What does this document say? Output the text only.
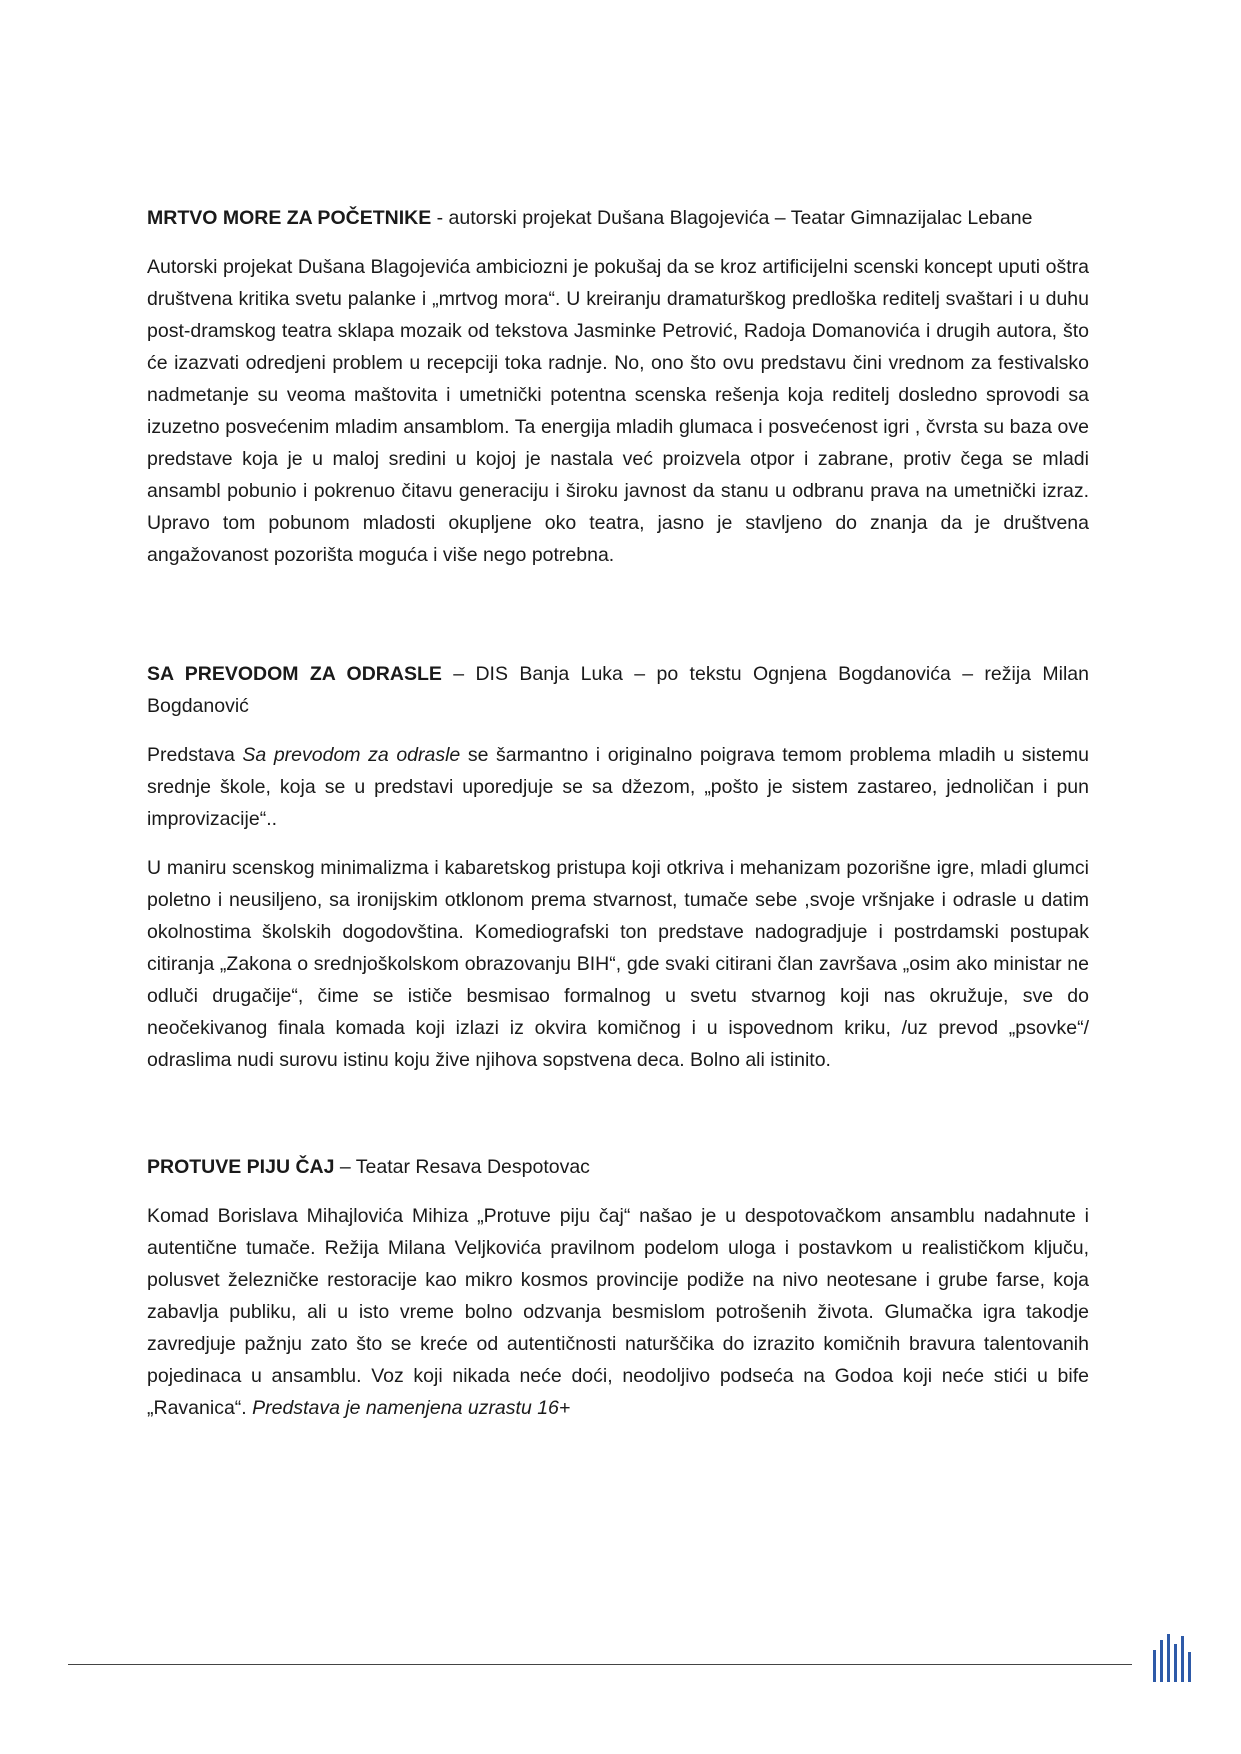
MRTVO MORE ZA POČETNIKE - autorski projekat Dušana Blagojevića – Teatar Gimnazijalac Lebane

Autorski projekat Dušana Blagojevića ambiciozni je pokušaj da se kroz artificijelni scenski koncept uputi oštra društvena kritika svetu palanke i „mrtvog mora“. U kreiranju dramaturškog predloška reditelj svaštari i u duhu post-dramskog teatra sklapa mozaik od tekstova Jasminke Petrović, Radoja Domanovića i drugih autora, što će izazvati odredjeni problem u recepciji toka radnje. No, ono što ovu predstavu čini vrednom za festivalsko nadmetanje su veoma maštovita i umetnički potentna scenska rešenja koja reditelj dosledno sprovodi sa izuzetno posvećenim mladim ansamblom. Ta energija mladih glumaca i posvećenost igri , čvrsta su baza ove predstave koja je u maloj sredini u kojoj je nastala već proizvela otpor i zabrane, protiv čega se mladi ansambl pobunio i pokrenuo čitavu generaciju i široku javnost da stanu u odbranu prava na umetnički izraz. Upravo tom pobunom mladosti okupljene oko teatra, jasno je stavljeno do znanja da je društvena angažovanost pozorišta moguća i više nego potrebna.

SA PREVODOM ZA ODRASLE – DIS Banja Luka – po tekstu Ognjena Bogdanovića – režija Milan Bogdanović

Predstava Sa prevodom za odrasle se šarmantno i originalno poigrava temom problema mladih u sistemu srednje škole, koja se u predstavi uporedjuje se sa džezom, „pošto je sistem zastareo, jednoličan i pun improvizacije“..

U maniru scenskog minimalizma i kabaretskog pristupa koji otkriva i mehanizam pozorišne igre, mladi glumci poletno i neusiljeno, sa ironijskim otklonom prema stvarnost, tumače sebe ,svoje vršnjake i odrasle u datim okolnostima školskih dogodovština. Komediografski ton predstave nadogradjuje i postrdamski postupak citiranja „Zakona o srednjoškolskom obrazovanju BIH“, gde svaki citirani član završava „osim ako ministar ne odluči drugačije“, čime se ističe besmisao formalnog u svetu stvarnog koji nas okružuje, sve do neočekivanog finala komada koji izlazi iz okvira komičnog i u ispovednom kriku, /uz prevod „psovke“/ odraslima nudi surovu istinu koju žive njihova sopstvena deca. Bolno ali istinito.

PROTUVE PIJU ČAJ – Teatar Resava Despotovac

Komad Borislava Mihajlovića Mihiza „Protuve piju čaj“ našao je u despotovačkom ansamblu nadahnute i autentične tumače. Režija Milana Veljkovića pravilnom podelom uloga i postavkom u realističkom ključu, polusvet železničke restoracije kao mikro kosmos provincije podiže na nivo neotesane i grube farse, koja zabavlja publiku, ali u isto vreme bolno odzvanja besmislom potrošenih života. Glumačka igra takodje zavredjuje pažnju zato što se kreće od autentičnosti naturščika do izrazito komičnih bravura talentovanih pojedinaca u ansamblu. Voz koji nikada neće doći, neodoljivo podseća na Godoa koji neće stići u bife „Ravanica“. Predstava je namenjena uzrastu 16+
